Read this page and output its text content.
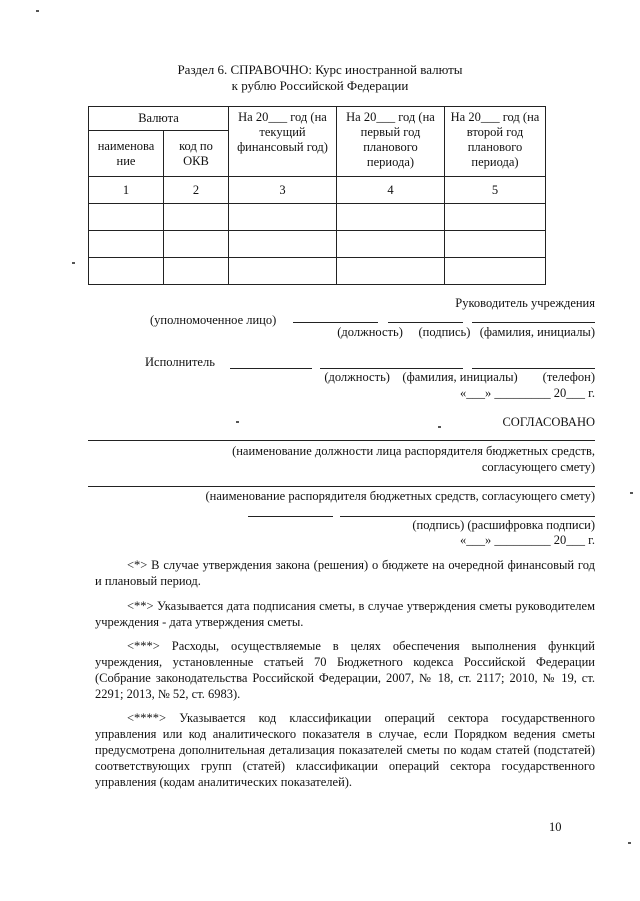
Раздел 6. СПРАВОЧНО: Курс иностранной валюты
к рублю Российской Федерации
Валюта		На 20___ год (на
текущий
финансовый год)	На 20___ год (на
первый год
планового
периода)	На 20___ год (на
второй год
планового
периода)
наименова
ние	код по
ОКВ			
1	2	3	4	5

Руководитель учреждения
(уполномоченное лицо)
(должность)     (подпись)   (фамилия, инициалы)
Исполнитель
(должность)    (фамилия, инициалы)        (телефон)
«___» _________ 20___ г.
СОГЛАСОВАНО
(наименование должности лица распорядителя бюджетных средств,
согласующего смету)
(наименование распорядителя бюджетных средств, согласующего смету)
(подпись) (расшифровка подписи)
«___» _________ 20___ г.
<*> В случае утверждения закона (решения) о бюджете на очередной финансовый год и плановый период.
<**> Указывается дата подписания сметы, в случае утверждения сметы руководителем учреждения - дата утверждения сметы.
<***> Расходы, осуществляемые в целях обеспечения выполнения функций учреждения, установленные статьей 70 Бюджетного кодекса Российской Федерации (Собрание законодательства Российской Федерации, 2007, № 18, ст. 2117; 2010, № 19, ст. 2291; 2013, № 52, ст. 6983).
<****> Указывается код классификации операций сектора государственного управления или код аналитического показателя в случае, если Порядком ведения сметы предусмотрена дополнительная детализация показателей сметы по кодам статей (подстатей) соответствующих групп (статей) классификации операций сектора государственного управления (кодам аналитических показателей).
10
